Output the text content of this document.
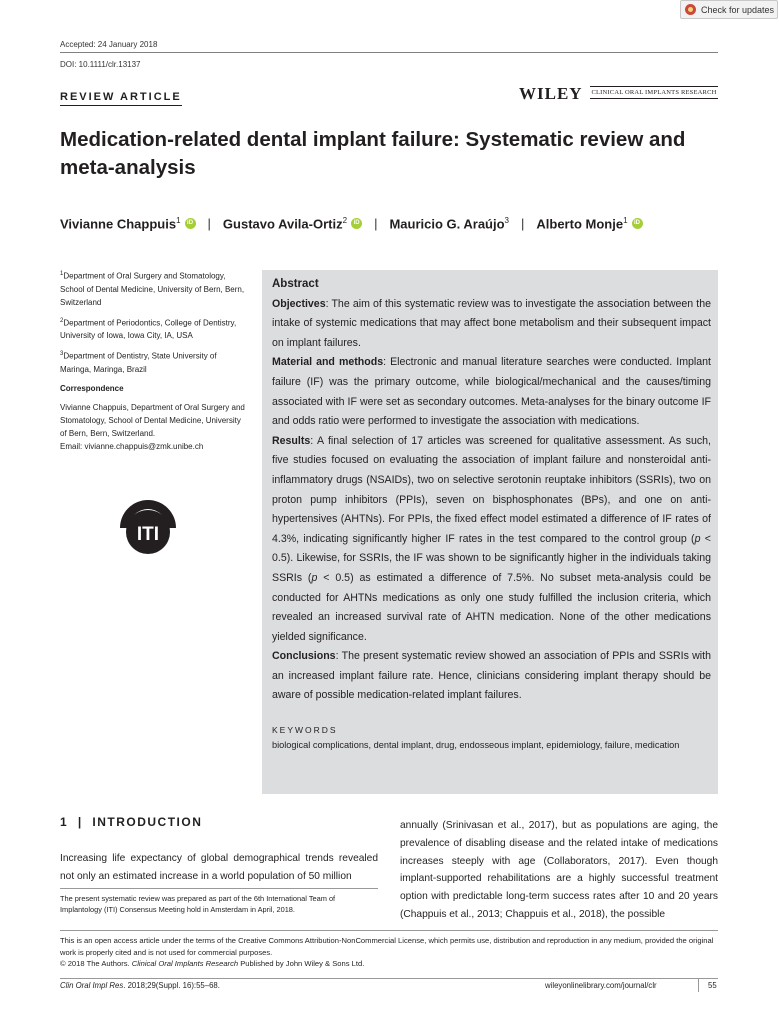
Check for updates
Accepted: 24 January 2018
DOI: 10.1111/clr.13137
REVIEW ARTICLE	WILEY CLINICAL ORAL IMPLANTS RESEARCH
Medication-related dental implant failure: Systematic review and meta-analysis
Vivianne Chappuis$^1$	iD | Gustavo Avila-Ortiz$^2$	iD | Mauricio G. Araújo$^3$ | Alberto Monje$^1$	iD

$^1$Department of Oral Surgery and Stomatology, School of Dental Medicine, University of Bern, Bern, Switzerland

$^2$Department of Periodontics, College of Dentistry, University of Iowa, Iowa City, IA, USA

$^3$Department of Dentistry, State University of Maringa, Maringa, Brazil

Correspondence

Vivianne Chappuis, Department of Oral Surgery and Stomatology, School of Dental Medicine, University of Bern, Bern, Switzerland.

Email: vivianne.chappuis@zmk.unibe.ch

ITI

Abstract

Objectives: The aim of this systematic review was to investigate the association between the intake of systemic medications that may affect bone metabolism and their subsequent impact on implant failures.

Material and methods: Electronic and manual literature searches were conducted. Implant failure (IF) was the primary outcome, while biological/mechanical and the causes/timing associated with IF were set as secondary outcomes. Meta-analyses for the binary outcome IF and odds ratio were performed to investigate the association with medications.

Results: A final selection of 17 articles was screened for qualitative assessment. As such, five studies focused on evaluating the association of implant failure and nonsteroidal anti-inflammatory drugs (NSAIDs), two on selective serotonin reuptake inhibitors (SSRIs), two on proton pump inhibitors (PPIs), seven on bisphosphonates (BPs), and one on anti-hypertensives (AHTNs). For PPIs, the fixed effect model estimated a difference of IF rates of 4.3%, indicating significantly higher IF rates in the test compared to the control group (p < 0.5). Likewise, for SSRIs, the IF was shown to be significantly higher in the individuals taking SSRIs (p < 0.5) as estimated a difference of 7.5%. No subset meta-analysis could be conducted for AHTNs medications as only one study fulfilled the inclusion criteria, which revealed an increased survival rate of AHTN medication. None of the other medications yielded significance.

Conclusions: The present systematic review showed an association of PPIs and SSRIs with an increased implant failure rate. Hence, clinicians considering implant therapy should be aware of possible medication-related implant failures.

KEYWORDS

biological complications, dental implant, drug, endosseous implant, epidemiology, failure, medication

1  |  INTRODUCTION
Increasing life expectancy of global demographical trends revealed not only an estimated increase in a world population of 50 million
The present systematic review was prepared as part of the 6th International Team of Implantology (ITI) Consensus Meeting hold in Amsterdam in April, 2018.
annually (Srinivasan et al., 2017), but as populations are aging, the prevalence of disabling disease and the related intake of medications increases steeply with age (Collaborators, 2017). Even though implant-supported rehabilitations are a highly successful treatment option with predictable long-term success rates after 10 and 20 years (Chappuis et al., 2013; Chappuis et al., 2018), the possible
This is an open access article under the terms of the Creative Commons Attribution-NonCommercial License, which permits use, distribution and reproduction in any medium, provided the original work is properly cited and is not used for commercial purposes.
© 2018 The Authors. Clinical Oral Implants Research Published by John Wiley & Sons Ltd.
Clin Oral Impl Res. 2018;29(Suppl. 16):55–68.	wileyonlinelibrary.com/journal/clr	55
